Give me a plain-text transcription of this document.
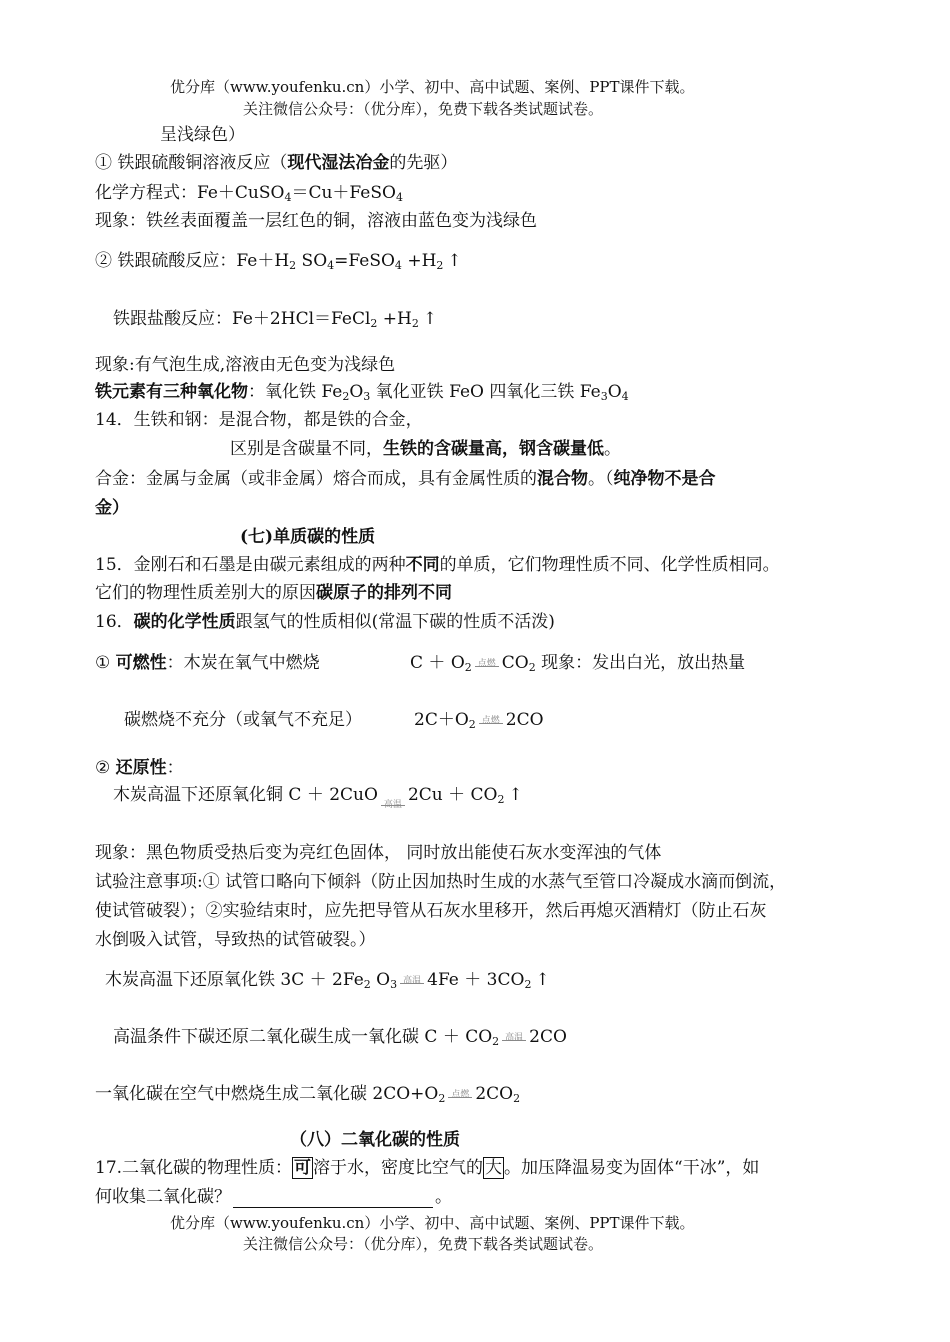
优分库（www.youfenku.cn）小学、初中、高中试题、案例、PPT课件下载。
关注微信公众号：（优分库），免费下载各类试题试卷。
呈浅绿色）
① 铁跟硫酸铜溶液反应（现代湿法冶金的先驱）
化学方程式：Fe＋CuSO$_4$＝Cu＋FeSO$_4$
现象：铁丝表面覆盖一层红色的铜，溶液由蓝色变为浅绿色
② 铁跟硫酸反应：$Fe+H_2$ $SO_4=FeSO_4 +H_2$ ↑
铁跟盐酸反应：Fe＋2HCl＝FeCl$_2$ $+H_2$ ↑
现象:有气泡生成,溶液由无色变为浅绿色
铁元素有三种氧化物：氧化铁 $Fe_2O_3$ 氧化亚铁 FeO 四氧化三铁 $Fe_3O_4$
14．生铁和钢：是混合物，都是铁的合金，
区别是含碳量不同，生铁的含碳量高，钢含碳量低。
合金：金属与金属（或非金属）熔合而成，具有金属性质的混合物。（纯净物不是合
金）
(七)单质碳的性质
15．金刚石和石墨是由碳元素组成的两种不同的单质，它们物理性质不同、化学性质相同。
它们的物理性质差别大的原因碳原子的排列不同
16．碳的化学性质跟氢气的性质相似(常温下碳的性质不活泼)
① 可燃性：木炭在氧气中燃烧	$C + O_2$ 点燃 $CO_2$ 现象：发出白光，放出热量
碳燃烧不充分（或氧气不充足）	$2C+O_2$ 点燃 2CO
② 还原性：
木炭高温下还原氧化铜 C ＋ 2CuO 高温 $2Cu + CO_2$ ↑
现象：黑色物质受热后变为亮红色固体， 同时放出能使石灰水变浑浊的气体
试验注意事项:① 试管口略向下倾斜（防止因加热时生成的水蒸气至管口冷凝成水滴而倒流，
使试管破裂）；②实验结束时，应先把导管从石灰水里移开，然后再熄灭酒精灯（防止石灰
水倒吸入试管，导致热的试管破裂。）
木炭高温下还原氧化铁 $3C + 2Fe_2$ $O_3$ 高温 $4Fe + 3CO_2$ ↑
高温条件下碳还原二氧化碳生成一氧化碳 $C + CO_2$ 高温 2CO
一氧化碳在空气中燃烧生成二氧化碳 $2CO+O_2$ 点燃 $2CO_2$
（八）二氧化碳的性质
17.二氧化碳的物理性质： 可 溶于水，密度比空气的 大 。加压降温易变为固体“干冰”，如
何收集二氧化碳？	。
优分库（www.youfenku.cn）小学、初中、高中试题、案例、PPT课件下载。
关注微信公众号：（优分库），免费下载各类试题试卷。
